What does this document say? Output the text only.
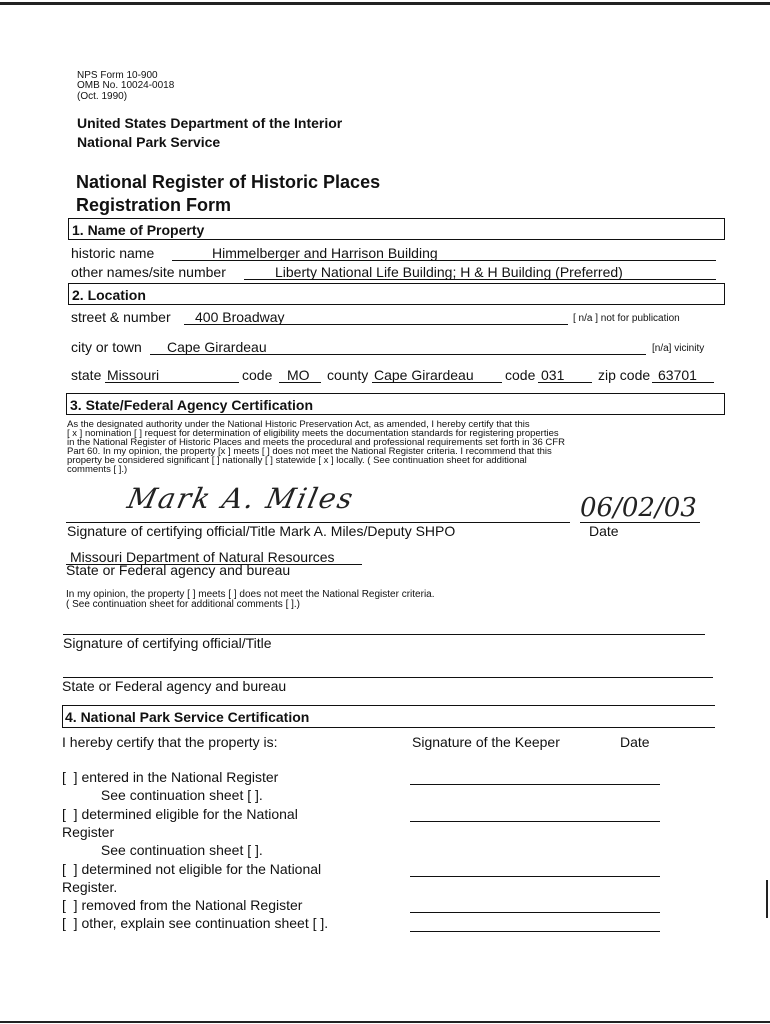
NPS Form 10-900
OMB No. 10024-0018
(Oct. 1990)
United States Department of the Interior
National Park Service
National Register of Historic Places
Registration Form
1. Name of Property
historic name	Himmelberger and Harrison Building
other names/site number	Liberty National Life Building; H & H Building (Preferred)
2. Location
street & number 400 Broadway	[ n/a ] not for publication
city or town Cape Girardeau	[n/a] vicinity
state Missouri	code MO county Cape Girardeau code 031 zip code 63701
3. State/Federal Agency Certification
As the designated authority under the National Historic Preservation Act, as amended, I hereby certify that this
[ x ] nomination [ ] request for determination of eligibility meets the documentation standards for registering properties
in the National Register of Historic Places and meets the procedural and professional requirements set forth in 36 CFR
Part 60. In my opinion, the property [x ] meets [ ] does not meet the National Register criteria. I recommend that this
property be considered significant [ ] nationally [ ] statewide [ x ] locally. ( See continuation sheet for additional
comments [ ].)
Mark A. Miles	06/02/03
Signature of certifying official/Title Mark A. Miles/Deputy SHPO	Date
Missouri Department of Natural Resources
State or Federal agency and bureau
In my opinion, the property [ ] meets [ ] does not meet the National Register criteria.
( See continuation sheet for additional comments [ ].)
Signature of certifying official/Title
State or Federal agency and bureau
4. National Park Service Certification
I hereby certify that the property is:	Signature of the Keeper	Date
[  ] entered in the National Register
See continuation sheet [ ].
[  ] determined eligible for the National
Register
See continuation sheet [ ].
[  ] determined not eligible for the National
Register.
[  ] removed from the National Register
[  ] other, explain see continuation sheet [ ].
